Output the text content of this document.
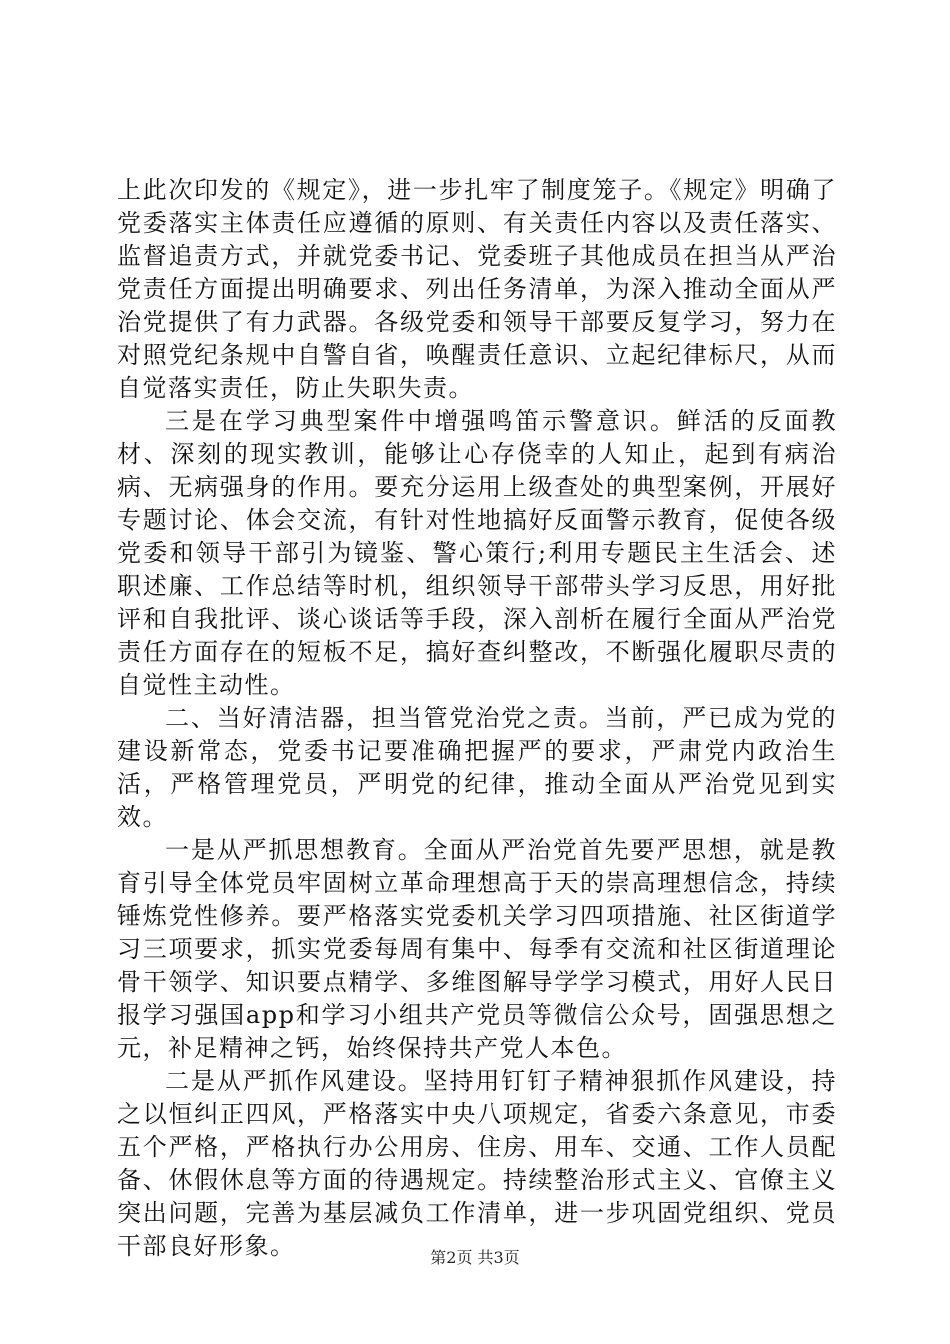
上此次印发的《规定》，进一步扎牢了制度笼子。《规定》明确了党委落实主体责任应遵循的原则、有关责任内容以及责任落实、监督追责方式，并就党委书记、党委班子其他成员在担当从严治党责任方面提出明确要求、列出任务清单，为深入推动全面从严治党提供了有力武器。各级党委和领导干部要反复学习，努力在对照党纪条规中自警自省，唤醒责任意识、立起纪律标尺，从而自觉落实责任，防止失职失责。

三是在学习典型案件中增强鸣笛示警意识。鲜活的反面教材、深刻的现实教训，能够让心存侥幸的人知止，起到有病治病、无病强身的作用。要充分运用上级查处的典型案例，开展好专题讨论、体会交流，有针对性地搞好反面警示教育，促使各级党委和领导干部引为镜鉴、警心策行;利用专题民主生活会、述职述廉、工作总结等时机，组织领导干部带头学习反思，用好批评和自我批评、谈心谈话等手段，深入剖析在履行全面从严治党责任方面存在的短板不足，搞好查纠整改，不断强化履职尽责的自觉性主动性。

二、当好清洁器，担当管党治党之责。当前，严已成为党的建设新常态，党委书记要准确把握严的要求，严肃党内政治生活，严格管理党员，严明党的纪律，推动全面从严治党见到实效。

一是从严抓思想教育。全面从严治党首先要严思想，就是教育引导全体党员牢固树立革命理想高于天的崇高理想信念，持续锤炼党性修养。要严格落实党委机关学习四项措施、社区街道学习三项要求，抓实党委每周有集中、每季有交流和社区街道理论骨干领学、知识要点精学、多维图解导学学习模式，用好人民日报学习强国app和学习小组共产党员等微信公众号，固强思想之元，补足精神之钙，始终保持共产党人本色。

二是从严抓作风建设。坚持用钉钉子精神狠抓作风建设，持之以恒纠正四风，严格落实中央八项规定，省委六条意见，市委五个严格，严格执行办公用房、住房、用车、交通、工作人员配备、休假休息等方面的待遇规定。持续整治形式主义、官僚主义突出问题，完善为基层减负工作清单，进一步巩固党组织、党员干部良好形象。	第2页 共3页
